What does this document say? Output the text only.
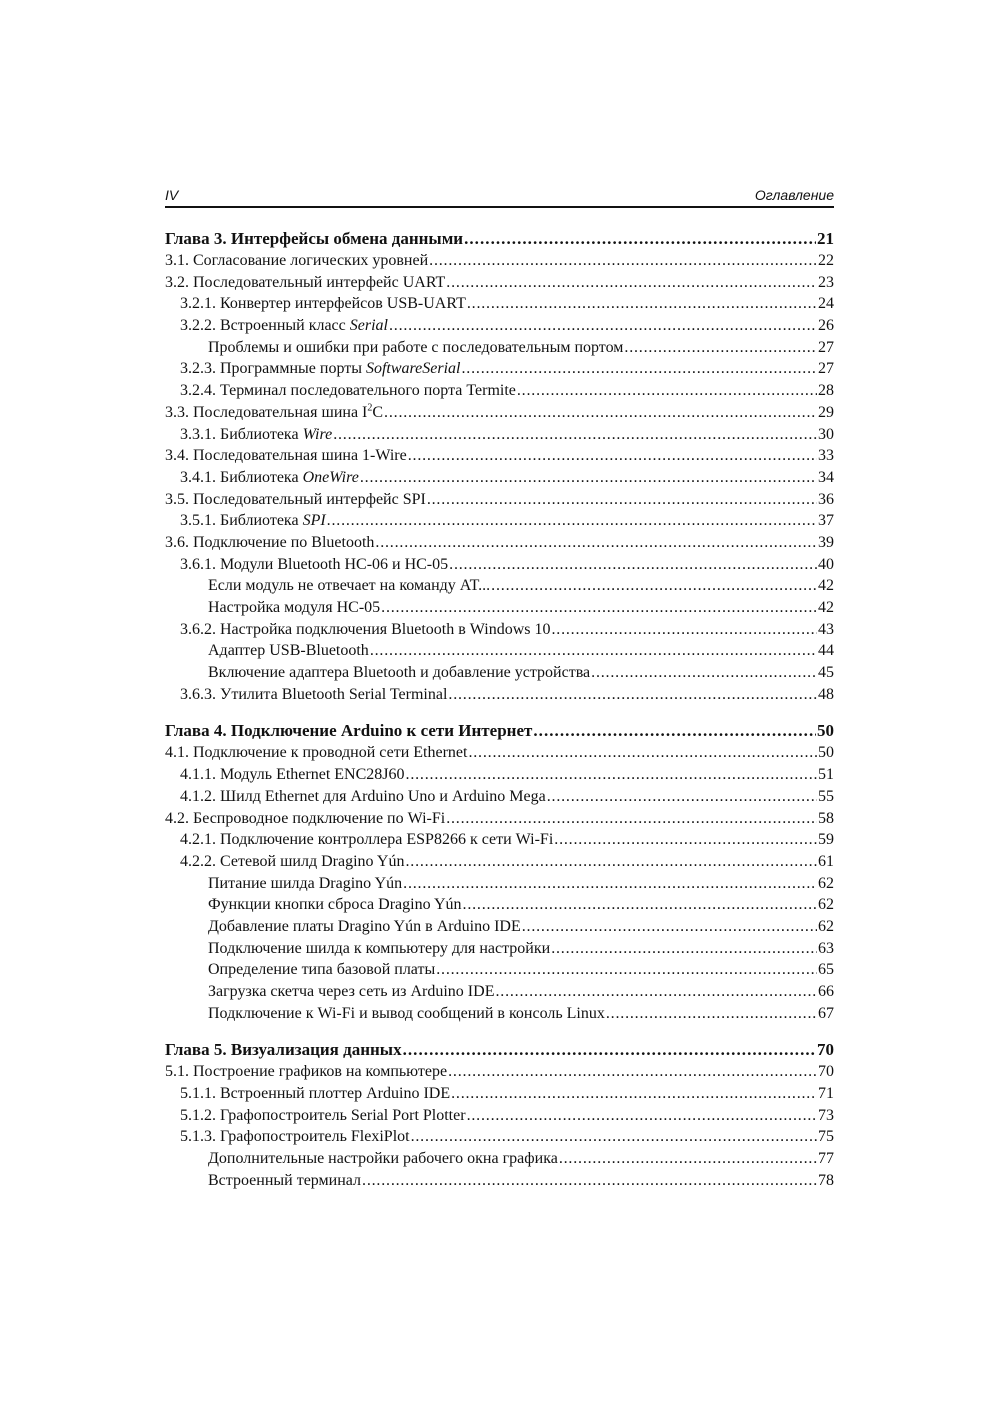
IV	Оглавление
Глава 3. Интерфейсы обмена данными . . .	21
3.1. Согласование логических уровней . . .	22
3.2. Последовательный интерфейс UART . . .	23
3.2.1. Конвертер интерфейсов USB-UART . . .	24
3.2.2. Встроенный класс Serial . . .	26
Проблемы и ошибки при работе с последовательным портом . . .	27
3.2.3. Программные порты SoftwareSerial . . .	27
3.2.4. Терминал последовательного порта Termite . . .	28
3.3. Последовательная шина $I^2C$ . . .	29
3.3.1. Библиотека Wire . . .	30
3.4. Последовательная шина 1-Wire . . .	33
3.4.1. Библиотека OneWire . . .	34
3.5. Последовательный интерфейс SPI . . .	36
3.5.1. Библиотека SPI . . .	37
3.6. Подключение по Bluetooth . . .	39
3.6.1. Модули Bluetooth HC-06 и HC-05 . . .	40
Если модуль не отвечает на команду AT... . . .	42
Настройка модуля HC-05 . . .	42
3.6.2. Настройка подключения Bluetooth в Windows 10 . . .	43
Адаптер USB-Bluetooth . . .	44
Включение адаптера Bluetooth и добавление устройства . . .	45
3.6.3. Утилита Bluetooth Serial Terminal . . .	48
Глава 4. Подключение Arduino к сети Интернет . . .	50
4.1. Подключение к проводной сети Ethernet . . .	50
4.1.1. Модуль Ethernet ENC28J60 . . .	51
4.1.2. Шилд Ethernet для Arduino Uno и Arduino Mega . . .	55
4.2. Беспроводное подключение по Wi-Fi . . .	58
4.2.1. Подключение контроллера ESP8266 к сети Wi-Fi . . .	59
4.2.2. Сетевой шилд Dragino Yún . . .	61
Питание шилда Dragino Yún . . .	62
Функции кнопки сброса Dragino Yún . . .	62
Добавление платы Dragino Yún в Arduino IDE . . .	62
Подключение шилда к компьютеру для настройки . . .	63
Определение типа базовой платы . . .	65
Загрузка скетча через сеть из Arduino IDE . . .	66
Подключение к Wi-Fi и вывод сообщений в консоль Linux . . .	67
Глава 5. Визуализация данных . . .	70
5.1. Построение графиков на компьютере . . .	70
5.1.1. Встроенный плоттер Arduino IDE . . .	71
5.1.2. Графопостроитель Serial Port Plotter . . .	73
5.1.3. Графопостроитель FlexiPlot . . .	75
Дополнительные настройки рабочего окна графика . . .	77
Встроенный терминал . . .	78
